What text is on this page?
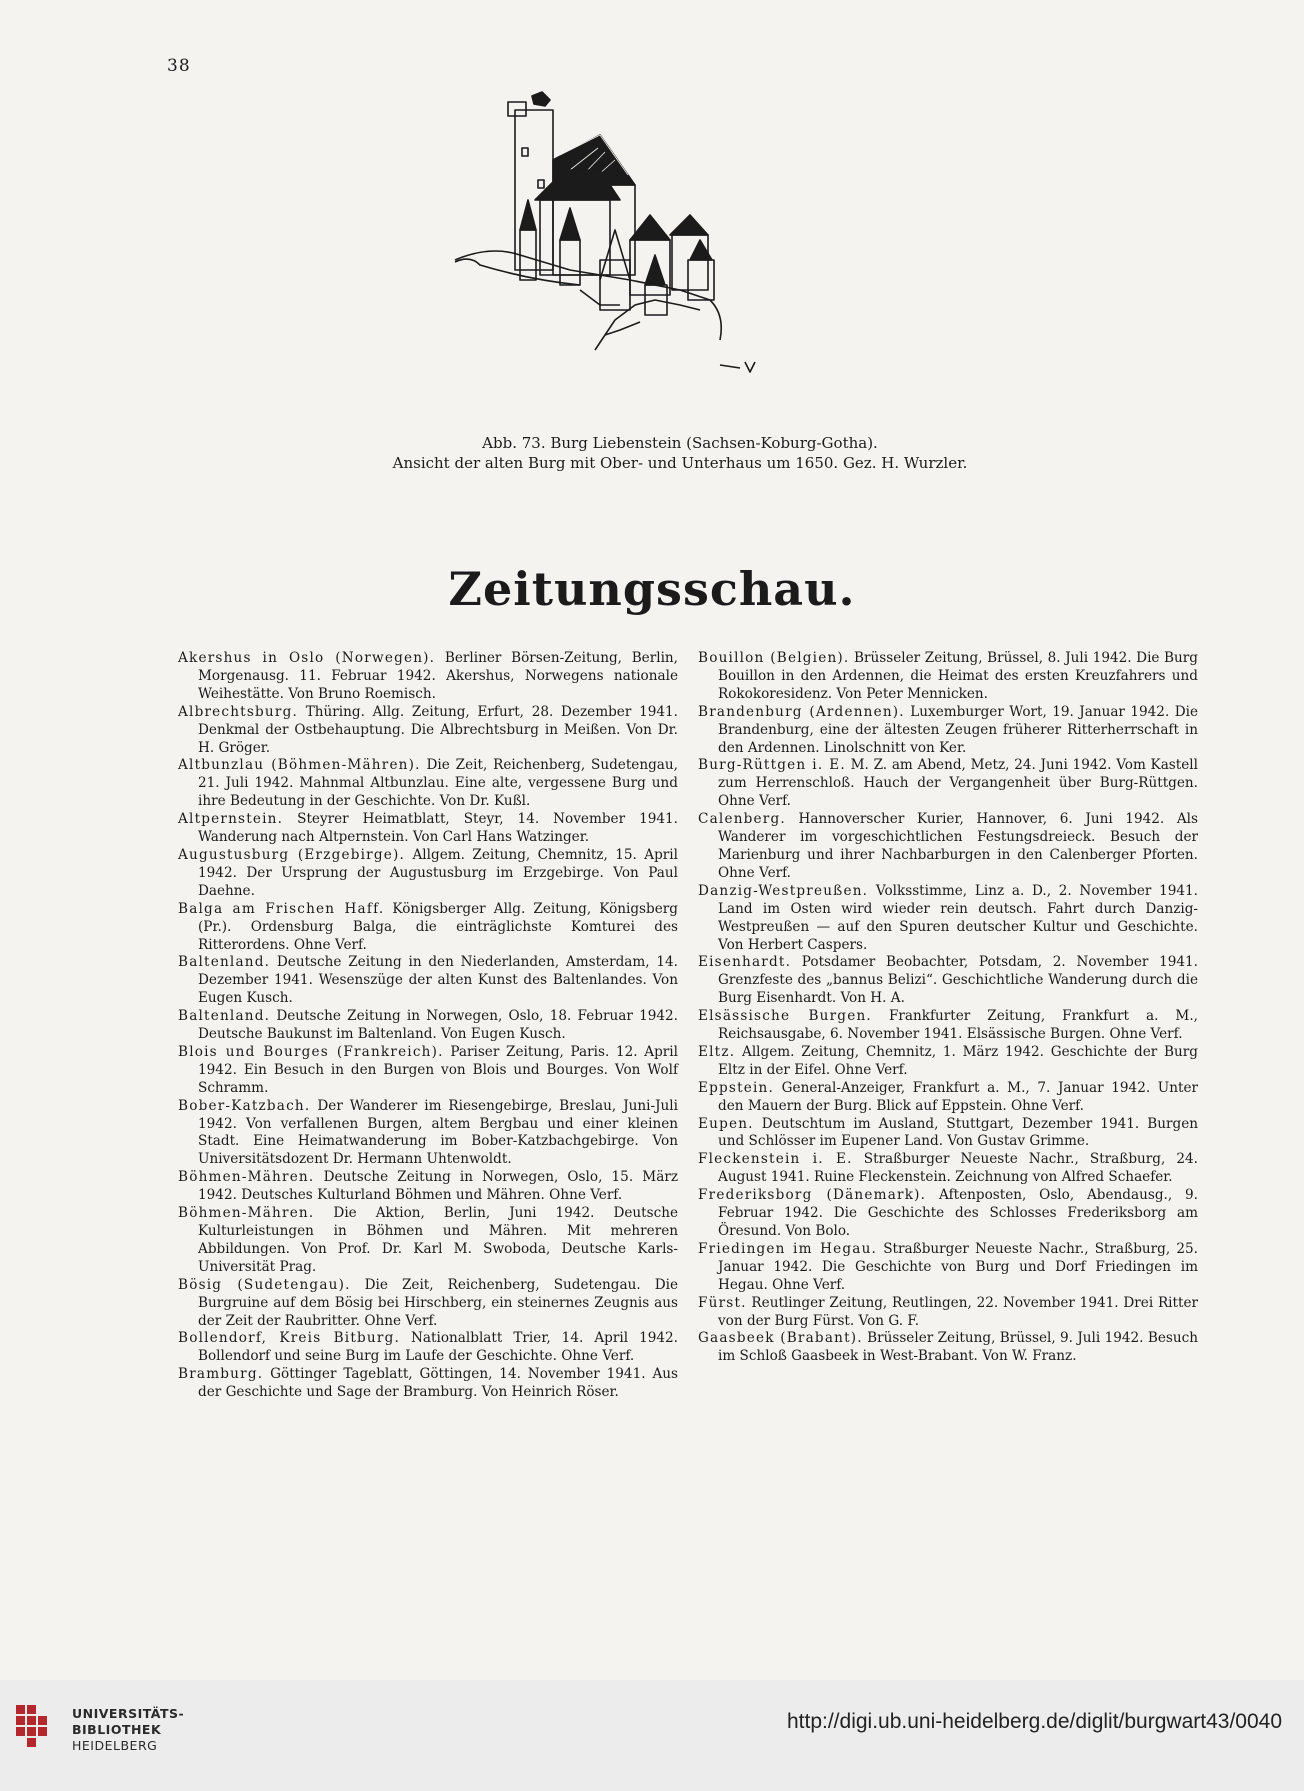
38
Abb. 73. Burg Liebenstein (Sachsen-Koburg-Gotha).
Ansicht der alten Burg mit Ober- und Unterhaus um 1650. Gez. H. Wurzler.
Zeitungsschau.

Akershus in Oslo (Norwegen). Berliner Börsen-Zeitung, Berlin, Morgenausg. 11. Februar 1942. Akershus, Norwegens nationale Weihestätte. Von Bruno Roemisch.

Albrechtsburg. Thüring. Allg. Zeitung, Erfurt, 28. Dezember 1941. Denkmal der Ostbehauptung. Die Albrechtsburg in Meißen. Von Dr. H. Gröger.

Altbunzlau (Böhmen-Mähren). Die Zeit, Reichenberg, Sudetengau, 21. Juli 1942. Mahnmal Altbunzlau. Eine alte, vergessene Burg und ihre Bedeutung in der Geschichte. Von Dr. Kußl.

Altpernstein. Steyrer Heimatblatt, Steyr, 14. November 1941. Wanderung nach Altpernstein. Von Carl Hans Watzinger.

Augustusburg (Erzgebirge). Allgem. Zeitung, Chemnitz, 15. April 1942. Der Ursprung der Augustusburg im Erzgebirge. Von Paul Daehne.

Balga am Frischen Haff. Königsberger Allg. Zeitung, Königsberg (Pr.). Ordensburg Balga, die einträglichste Komturei des Ritterordens. Ohne Verf.

Baltenland. Deutsche Zeitung in den Niederlanden, Amsterdam, 14. Dezember 1941. Wesenszüge der alten Kunst des Baltenlandes. Von Eugen Kusch.

Baltenland. Deutsche Zeitung in Norwegen, Oslo, 18. Februar 1942. Deutsche Baukunst im Baltenland. Von Eugen Kusch.

Blois und Bourges (Frankreich). Pariser Zeitung, Paris. 12. April 1942. Ein Besuch in den Burgen von Blois und Bourges. Von Wolf Schramm.

Bober-Katzbach. Der Wanderer im Riesengebirge, Breslau, Juni-Juli 1942. Von verfallenen Burgen, altem Bergbau und einer kleinen Stadt. Eine Heimatwanderung im Bober-Katzbachgebirge. Von Universitätsdozent Dr. Hermann Uhtenwoldt.

Böhmen-Mähren. Deutsche Zeitung in Norwegen, Oslo, 15. März 1942. Deutsches Kulturland Böhmen und Mähren. Ohne Verf.

Böhmen-Mähren. Die Aktion, Berlin, Juni 1942. Deutsche Kulturleistungen in Böhmen und Mähren. Mit mehreren Abbildungen. Von Prof. Dr. Karl M. Swoboda, Deutsche Karls-Universität Prag.

Bösig (Sudetengau). Die Zeit, Reichenberg, Sudetengau. Die Burgruine auf dem Bösig bei Hirschberg, ein steinernes Zeugnis aus der Zeit der Raubritter. Ohne Verf.

Bollendorf, Kreis Bitburg. Nationalblatt Trier, 14. April 1942. Bollendorf und seine Burg im Laufe der Geschichte. Ohne Verf.

Bramburg. Göttinger Tageblatt, Göttingen, 14. November 1941. Aus der Geschichte und Sage der Bramburg. Von Heinrich Röser.

Bouillon (Belgien). Brüsseler Zeitung, Brüssel, 8. Juli 1942. Die Burg Bouillon in den Ardennen, die Heimat des ersten Kreuzfahrers und Rokokoresidenz. Von Peter Mennicken.

Brandenburg (Ardennen). Luxemburger Wort, 19. Januar 1942. Die Brandenburg, eine der ältesten Zeugen früherer Ritterherrschaft in den Ardennen. Linolschnitt von Ker.

Burg-Rüttgen i. E. M. Z. am Abend, Metz, 24. Juni 1942. Vom Kastell zum Herrenschloß. Hauch der Vergangenheit über Burg-Rüttgen. Ohne Verf.

Calenberg. Hannoverscher Kurier, Hannover, 6. Juni 1942. Als Wanderer im vorgeschichtlichen Festungsdreieck. Besuch der Marienburg und ihrer Nachbarburgen in den Calenberger Pforten. Ohne Verf.

Danzig-Westpreußen. Volksstimme, Linz a. D., 2. November 1941. Land im Osten wird wieder rein deutsch. Fahrt durch Danzig-Westpreußen — auf den Spuren deutscher Kultur und Geschichte. Von Herbert Caspers.

Eisenhardt. Potsdamer Beobachter, Potsdam, 2. November 1941. Grenzfeste des „bannus Belizi“. Geschichtliche Wanderung durch die Burg Eisenhardt. Von H. A.

Elsässische Burgen. Frankfurter Zeitung, Frankfurt a. M., Reichsausgabe, 6. November 1941. Elsässische Burgen. Ohne Verf.

Eltz. Allgem. Zeitung, Chemnitz, 1. März 1942. Geschichte der Burg Eltz in der Eifel. Ohne Verf.

Eppstein. General-Anzeiger, Frankfurt a. M., 7. Januar 1942. Unter den Mauern der Burg. Blick auf Eppstein. Ohne Verf.

Eupen. Deutschtum im Ausland, Stuttgart, Dezember 1941. Burgen und Schlösser im Eupener Land. Von Gustav Grimme.

Fleckenstein i. E. Straßburger Neueste Nachr., Straßburg, 24. August 1941. Ruine Fleckenstein. Zeichnung von Alfred Schaefer.

Frederiksborg (Dänemark). Aftenposten, Oslo, Abendausg., 9. Februar 1942. Die Geschichte des Schlosses Frederiksborg am Öresund. Von Bolo.

Friedingen im Hegau. Straßburger Neueste Nachr., Straßburg, 25. Januar 1942. Die Geschichte von Burg und Dorf Friedingen im Hegau. Ohne Verf.

Fürst. Reutlinger Zeitung, Reutlingen, 22. November 1941. Drei Ritter von der Burg Fürst. Von G. F.

Gaasbeek (Brabant). Brüsseler Zeitung, Brüssel, 9. Juli 1942. Besuch im Schloß Gaasbeek in West-Brabant. Von W. Franz.

UNIVERSITÄTS-
BIBLIOTHEK
HEIDELBERG
http://digi.ub.uni-heidelberg.de/diglit/burgwart43/0040
